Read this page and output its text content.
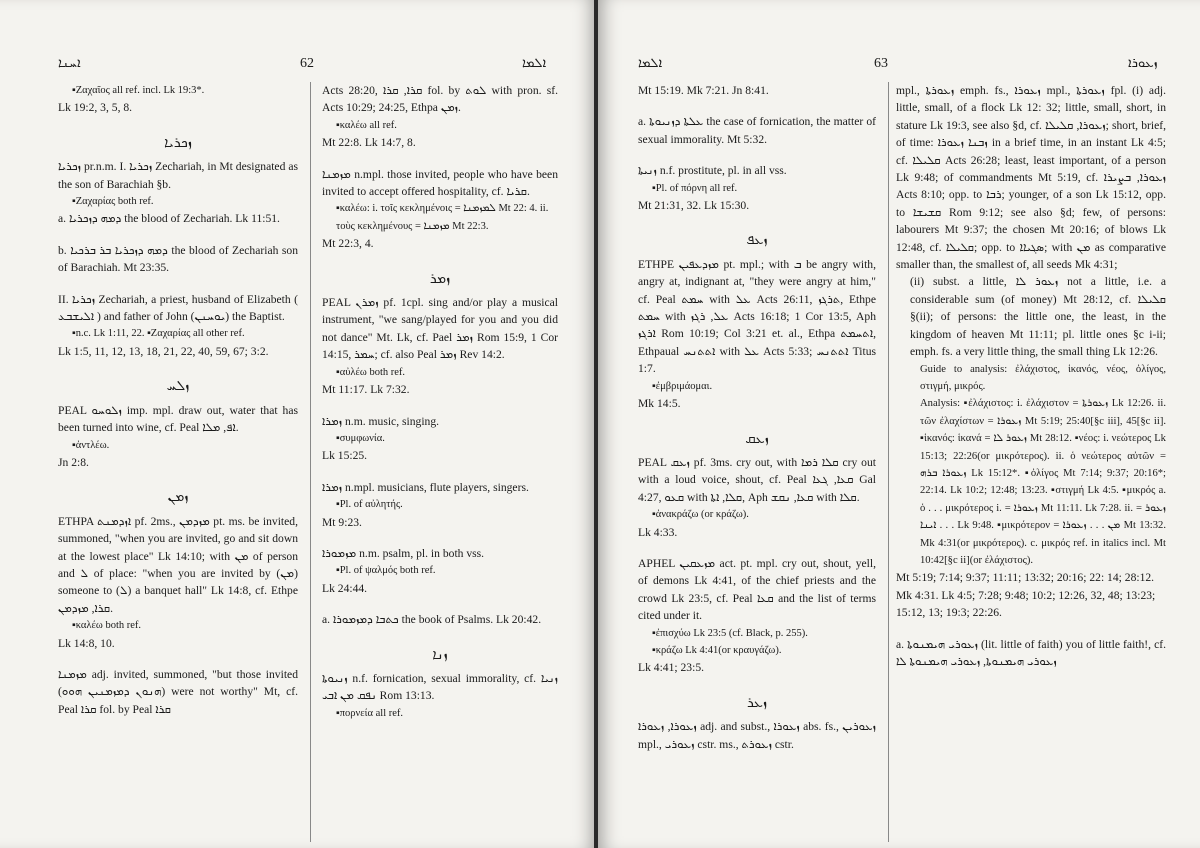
ܐܚܢܐ	62	ܐܠܡܐ

▪Ζαχαῖος all ref. incl. Lk 19:3*.

Lk 19:2, 3, 5, 8.

ܙܟܪܝܐ

ܙܟܪܝܐ pr.n.m. I. ܙܟܪܝܐ Zechariah, in Mt designated as the son of Barachiah §b.

▪Ζαχαρίας both ref.

a. ܕܡܗ ܕܙܟܪܝܐ the blood of Zechariah. Lk 11:51.

b. ܕܡܗ ܕܙܟܪܝܐ ܒܪ ܒܪܟܝܐ the blood of Zechariah son of Barachiah. Mt 23:35.

II. ܙܟܪܝܐ Zechariah, a priest, husband of Elizabeth ( ܐܠܝܫܒܥ ) and father of John (ܝܘܚܢܢ) the Baptist.

▪n.c. Lk 1:11, 22. ▪Ζαχαρίας all other ref.

Lk 1:5, 11, 12, 13, 18, 21, 22, 40, 59, 67; 3:2.

ܙܠܚ

PEAL ܙܠܘܚܘ imp. mpl. draw out, water that has been turned into wine, cf. Peal ܐܦ, ܡܠܐ.

▪ἀντλέω.

Jn 2:8.

ܙܡܢ

ETHPA ܐܙܕܡܢܬ pf. 2ms., ܡܙܕܡܢ pt. ms. be invited, summoned, "when you are invited, go and sit down at the lowest place" Lk 14:10; with ܡܢ of person and ܠ of place: "when you are invited by (ܡܢ) someone to (ܠ) a banquet hall" Lk 14:8, cf. Ethpe ܩܪܐ, ܡܙܕܡܢ.

▪καλέω both ref.

Lk 14:8, 10.

ܡܙܡܢܐ adj. invited, summoned, "but those invited (ܗܢܘܢ ܕܡܙܡܢܝܢ ܗܘܘ) were not worthy" Mt, cf. Peal ܩܪܐ fol. by Peal ܩܪܐ

Acts 28:20, ܩܪܐ, ܩܪܐ fol. by ܠܘܬ with pron. sf. Acts 10:29; 24:25, Ethpa ܙܡܢ.

▪καλέω all ref.

Mt 22:8. Lk 14:7, 8.

ܡܙܡܢܐ n.mpl. those invited, people who have been invited to accept offered hospitality, cf. ܩܪܝܐ.

▪καλέω: i. τοῖς κεκλημένοις = ܠܡܙܡܢܐ Mt 22: 4. ii. τοὺς κεκλημένους = ܡܙܡܢܐ Mt 22:3.

Mt 22:3, 4.

ܙܡܪ

PEAL ܙܡܪܢ pf. 1cpl. sing and/or play a musical instrument, "we sang/played for you and you did not dance" Mt. Lk, cf. Pael ܙܡܪ Rom 15:9, 1 Cor 14:15, ܚܡܪ; cf. also Peal ܙܡܪ Rev 14:2.

▪αὐλέω both ref.

Mt 11:17. Lk 7:32.

ܙܡܪܐ n.m. music, singing.

▪συμφωνία.

Lk 15:25.

ܙܡܪܐ n.mpl. musicians, flute players, singers.

▪Pl. of αὐλητής.

Mt 9:23.

ܡܙܡܘܪܐ n.m. psalm, pl. in both vss.

▪Pl. of ψαλμός both ref.

Lk 24:44.

a. ܟܬܒܐ ܕܡܙܡܘܪܐ the book of Psalms. Lk 20:42.

ܙܢܐ

ܙܢܝܘܬܐ n.f. fornication, sexual immorality, cf. ܙܢܝܐ ܢܦܩ ܡܢ ܐܒܝ Rom 13:13.

▪πορνεία all ref.

ܐܠܡܐ	63	ܙܥܘܪܐ

Mt 15:19. Mk 7:21. Jn 8:41.

a. ܥܠܬܐ ܕܙܢܝܘܬܐ the case of fornication, the matter of sexual immorality. Mt 5:32.

ܙܢܝܬܐ n.f. prostitute, pl. in all vss.

▪Pl. of πόρνη all ref.

Mt 21:31, 32. Lk 15:30.

ܙܥܦ

ETHPE ܡܙܕܥܦܝܢ pt. mpl.; with ܒ be angry with, angry at, indignant at, "they were angry at him," cf. Peal ܚܡܬ with ܥܠ Acts 26:11, ܬܪܓܙ, Ethpe ܚܡܬ with ܥܠ, ܪܓܙ Acts 16:18; 1 Cor 13:5, Aph ܐܪܓܙ Rom 10:19; Col 3:21 et. al., Ethpa ܐܬܚܡܬ, Ethpaual ܐܬܬܢܚ with ܥܠ Acts 5:33; ܐܬܬܢܚ Titus 1:7.

▪ἐμβριμάομαι.

Mk 14:5.

ܙܥܩ

PEAL ܙܥܩ pf. 3ms. cry out, with ܩܠܐ ܪܡܐ cry out with a loud voice, shout, cf. Peal ܩܥܐ, ܓܥܐ Gal 4:27, ܩܥܘ with ܩܠܐ, ܐܬܐ, Aph ܩܥܐ, ܢܩܫ with ܩܠܐ.

▪ἀνακράζω (or κράζω).

Lk 4:33.

APHEL ܡܙܥܩܝܢ act. pt. mpl. cry out, shout, yell, of demons Lk 4:41, of the chief priests and the crowd Lk 23:5, cf. Peal ܩܥܐ and the list of terms cited under it.

▪ἐπισχύω Lk 23:5 (cf. Black, p. 255).

▪κράζω Lk 4:41(or κραυγάζω).

Lk 4:41; 23:5.

ܙܥܪ

ܙܥܘܪܐ, ܙܥܘܪܐ adj. and subst., ܙܥܘܪܐ abs. fs., ܙܥܘܪܝܢ mpl., ܙܥܘܪܝ cstr. ms., ܙܥܘܪܬ cstr.

mpl., ܙܥܘܪܬܐ emph. fs., ܙܥܘܪܐ mpl., ܙܥܘܪܬܐ fpl. (i) adj. little, small, of a flock Lk 12: 32; little, small, short, in stature Lk 19:3, see also §d, cf. ܙܥܘܪܐ, ܩܠܝܠܐ; short, brief, of time: ܙܒܢܐ ܙܥܘܪܐ in a brief time, in an instant Lk 4:5; cf. ܩܠܝܠܐ Acts 26:28; least, least important, of a person Lk 9:48; of commandments Mt 5:19, cf. ܙܥܘܪܐ, ܒܨܝܪܐ Acts 8:10; opp. to ܪܒܐ; younger, of a son Lk 15:12, opp. to ܩܫܝܫܐ Rom 9:12; see also §d; few, of persons: labourers Mt 9:37; the chosen Mt 20:16; of blows Lk 12:48, cf. ܩܠܝܠܐ; opp. to ܣܓܝܐܐ; with ܡܢ as comparative smaller than, the smallest of, all seeds Mk 4:31;

(ii) subst. a little, ܙܥܘܪ ܠܐ not a little, i.e. a considerable sum (of money) Mt 28:12, cf. ܩܠܝܠܐ §(ii); of persons: the little one, the least, in the kingdom of heaven Mt 11:11; pl. little ones §c i-ii; emph. fs. a very little thing, the small thing Lk 12:26.

Guide to analysis: ἐλάχιστος, ἱκανός, νέος, ὀλίγος, στιγμή, μικρός.

Analysis: ▪ἐλάχιστος: i. ἐλάχιστον = ܙܥܘܪܬܐ Lk 12:26. ii. τῶν ἐλαχίστων = ܙܥܘܪܐ Mt 5:19; 25:40[§c iii], 45[§c ii]. ▪ἱκανός: ἱκανά = ܙܥܘܪ ܠܐ Mt 28:12. ▪νέος: i. νεώτερος Lk 15:13; 22:26(or μικρότερος). ii. ὁ νεώτερος αὐτῶν = ܙܥܘܪܐ ܒܪܗ Lk 15:12*. ▪ὀλίγος Mt 7:14; 9:37; 20:16*; 22:14. Lk 10:2; 12:48; 13:23. ▪στιγμή Lk 4:5. ▪μικρός a. ὁ . . . μικρότερος i. = ܙܥܘܪܐ Mt 11:11. Lk 7:28. ii. = ܙܥܘܪ . . . ܐܝܢܐ Lk 9:48. ▪μικρότερον = ܡܢ . . . ܙܥܘܪܐ Mt 13:32. Mk 4:31(or μικρότερος). c. μικρός ref. in italics incl. Mt 10:42[§c ii](or ἐλάχιστος).

Mt 5:19; 7:14; 9:37; 11:11; 13:32; 20:16; 22: 14; 28:12. Mk 4:31. Lk 4:5; 7:28; 9:48; 10:2; 12:26, 32, 48; 13:23; 15:12, 13; 19:3; 22:26.

a. ܙܥܘܪܝ ܗܝܡܢܘܬܐ (lit. little of faith) you of little faith!, cf. ܙܥܘܪܝ ܗܝܡܢܘܬܐ, ܙܥܘܪܝ ܗܝܡܢܘܬܐ ܠܐ
